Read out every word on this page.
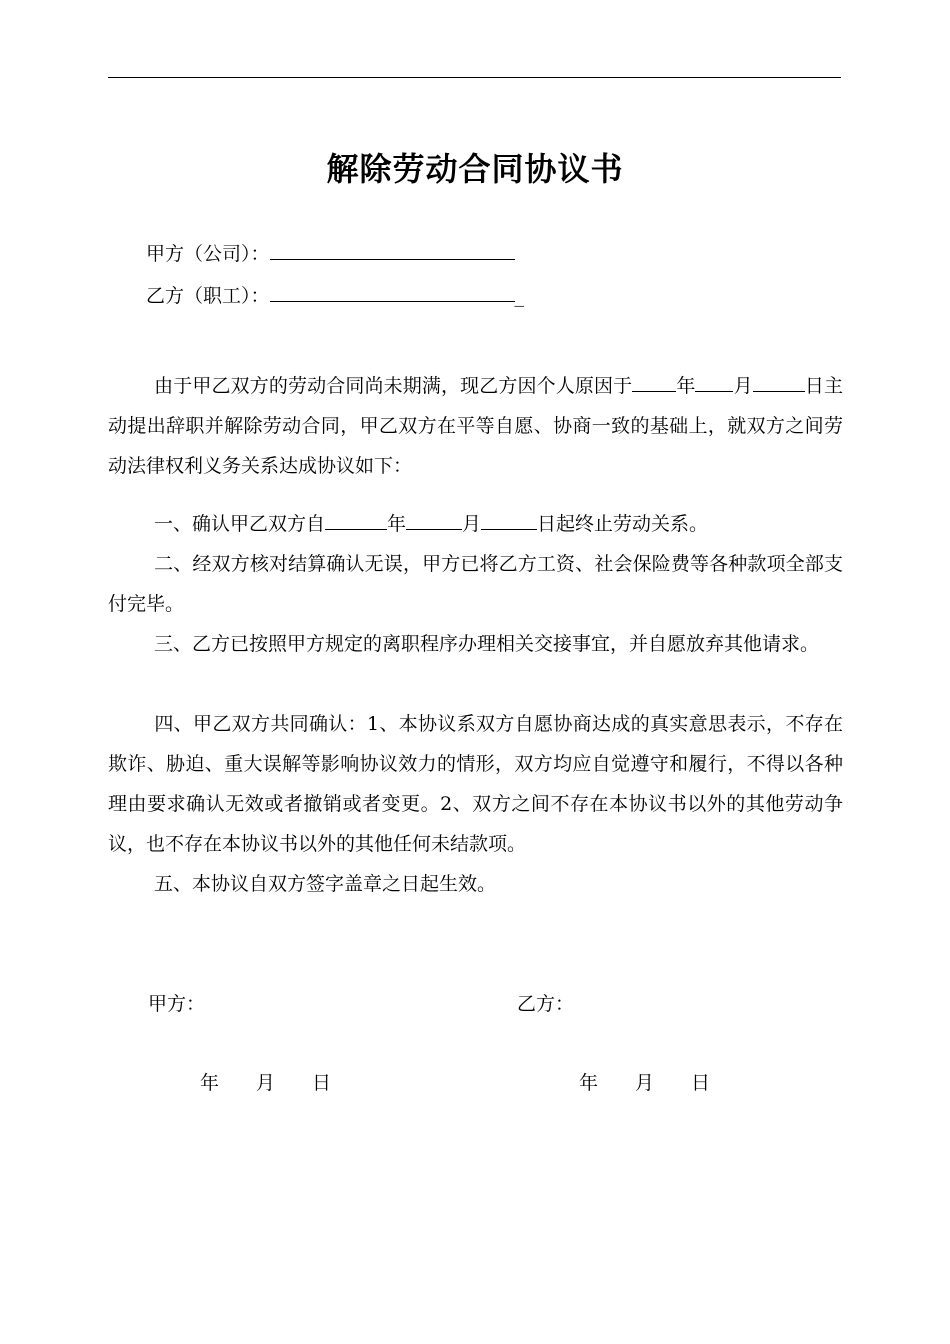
解除劳动合同协议书
甲方（公司）：
乙方（职工）：	_
由于甲乙双方的劳动合同尚未期满，现乙方因个人原因于 年 月	日主动提出辞职并解除劳动合同，甲乙双方在平等自愿、协商一致的基础上，就双方之间劳动法律权利义务关系达成协议如下：
一、确认甲乙双方自	年	月	日起终止劳动关系。
二、经双方核对结算确认无误，甲方已将乙方工资、社会保险费等各种款项全部支付完毕。
三、乙方已按照甲方规定的离职程序办理相关交接事宜，并自愿放弃其他请求。
四、甲乙双方共同确认：1、本协议系双方自愿协商达成的真实意思表示，不存在欺诈、胁迫、重大误解等影响协议效力的情形，双方均应自觉遵守和履行，不得以各种理由要求确认无效或者撤销或者变更。2、双方之间不存在本协议书以外的其他劳动争议，也不存在本协议书以外的其他任何未结款项。
五、本协议自双方签字盖章之日起生效。
甲方：	乙方：
年 月 日	年 月 日
